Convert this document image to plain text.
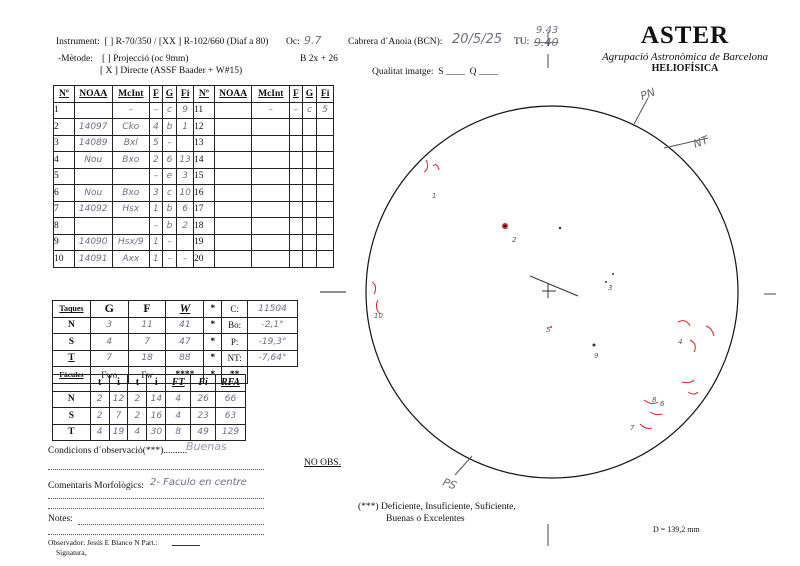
Instrument: [ ] R-70/350 / [XX ] R-102/660 (Diaf a 80) Oc: 9.7	Cabrera d´Anoia (BCN): 20/5/25 TU:
9.43
9.40
-Mètode: [ ] Projecció (oc 9mm)	B 2x + 26
[ X ] Directe (ASSF Baader + W#15)	Qualitat imatge: S ____ Q ____
ASTER
Agrupació Astronòmica de Barcelona
HELIOFÍSICA
Nº	NOAA	McInt	F	G	Fi	Nº	NOAA	McInt	F	G	Fi
1		–	–	c	9	11		–	–	c	5
2	14097	Cko	4	b	1	12					
3	14089	Bxl	5	–		13					
4	Nou	Bxo	2	6	13	14					
5			–	e	3	15					
6	Nou	Bxo	3	c	10	16					
7	14092	Hsx	1	b	6	17					
8			–	b	2	18					
9	14090	Hsx/9	1	–		19					
10	14091	Axx	1	–	–	20					
Taques	G	F	W	*	C:	11504
N	3	11	41	*	Bo:	-2,1°
S	4	7	47	*	P:	-19,3°
T	7	18	88	*	NT:	-7,64°
Fàcules	Fwo	Fw	****	*	**	
	t	i	t	i	FT	Fi	RFA
N	2	12	2	14	4	26	66
S	2	7	2	16	4	23	63
T	4	19	4	30	8	49	129
Condicions d´observació(***)..........
Buenas
NO OBS.
Comentaris Morfològics: 2- Faculo en centre
Notes:
Observador: Jesús E Blanco N Part.:
Signatura,
(***) Deficiente, Insuficiente, Suficiente,
Buenas o Excelentes
D = 139,2 mm
PN
NT
PS
1
2
3
4
5
6
7
8
9
10
